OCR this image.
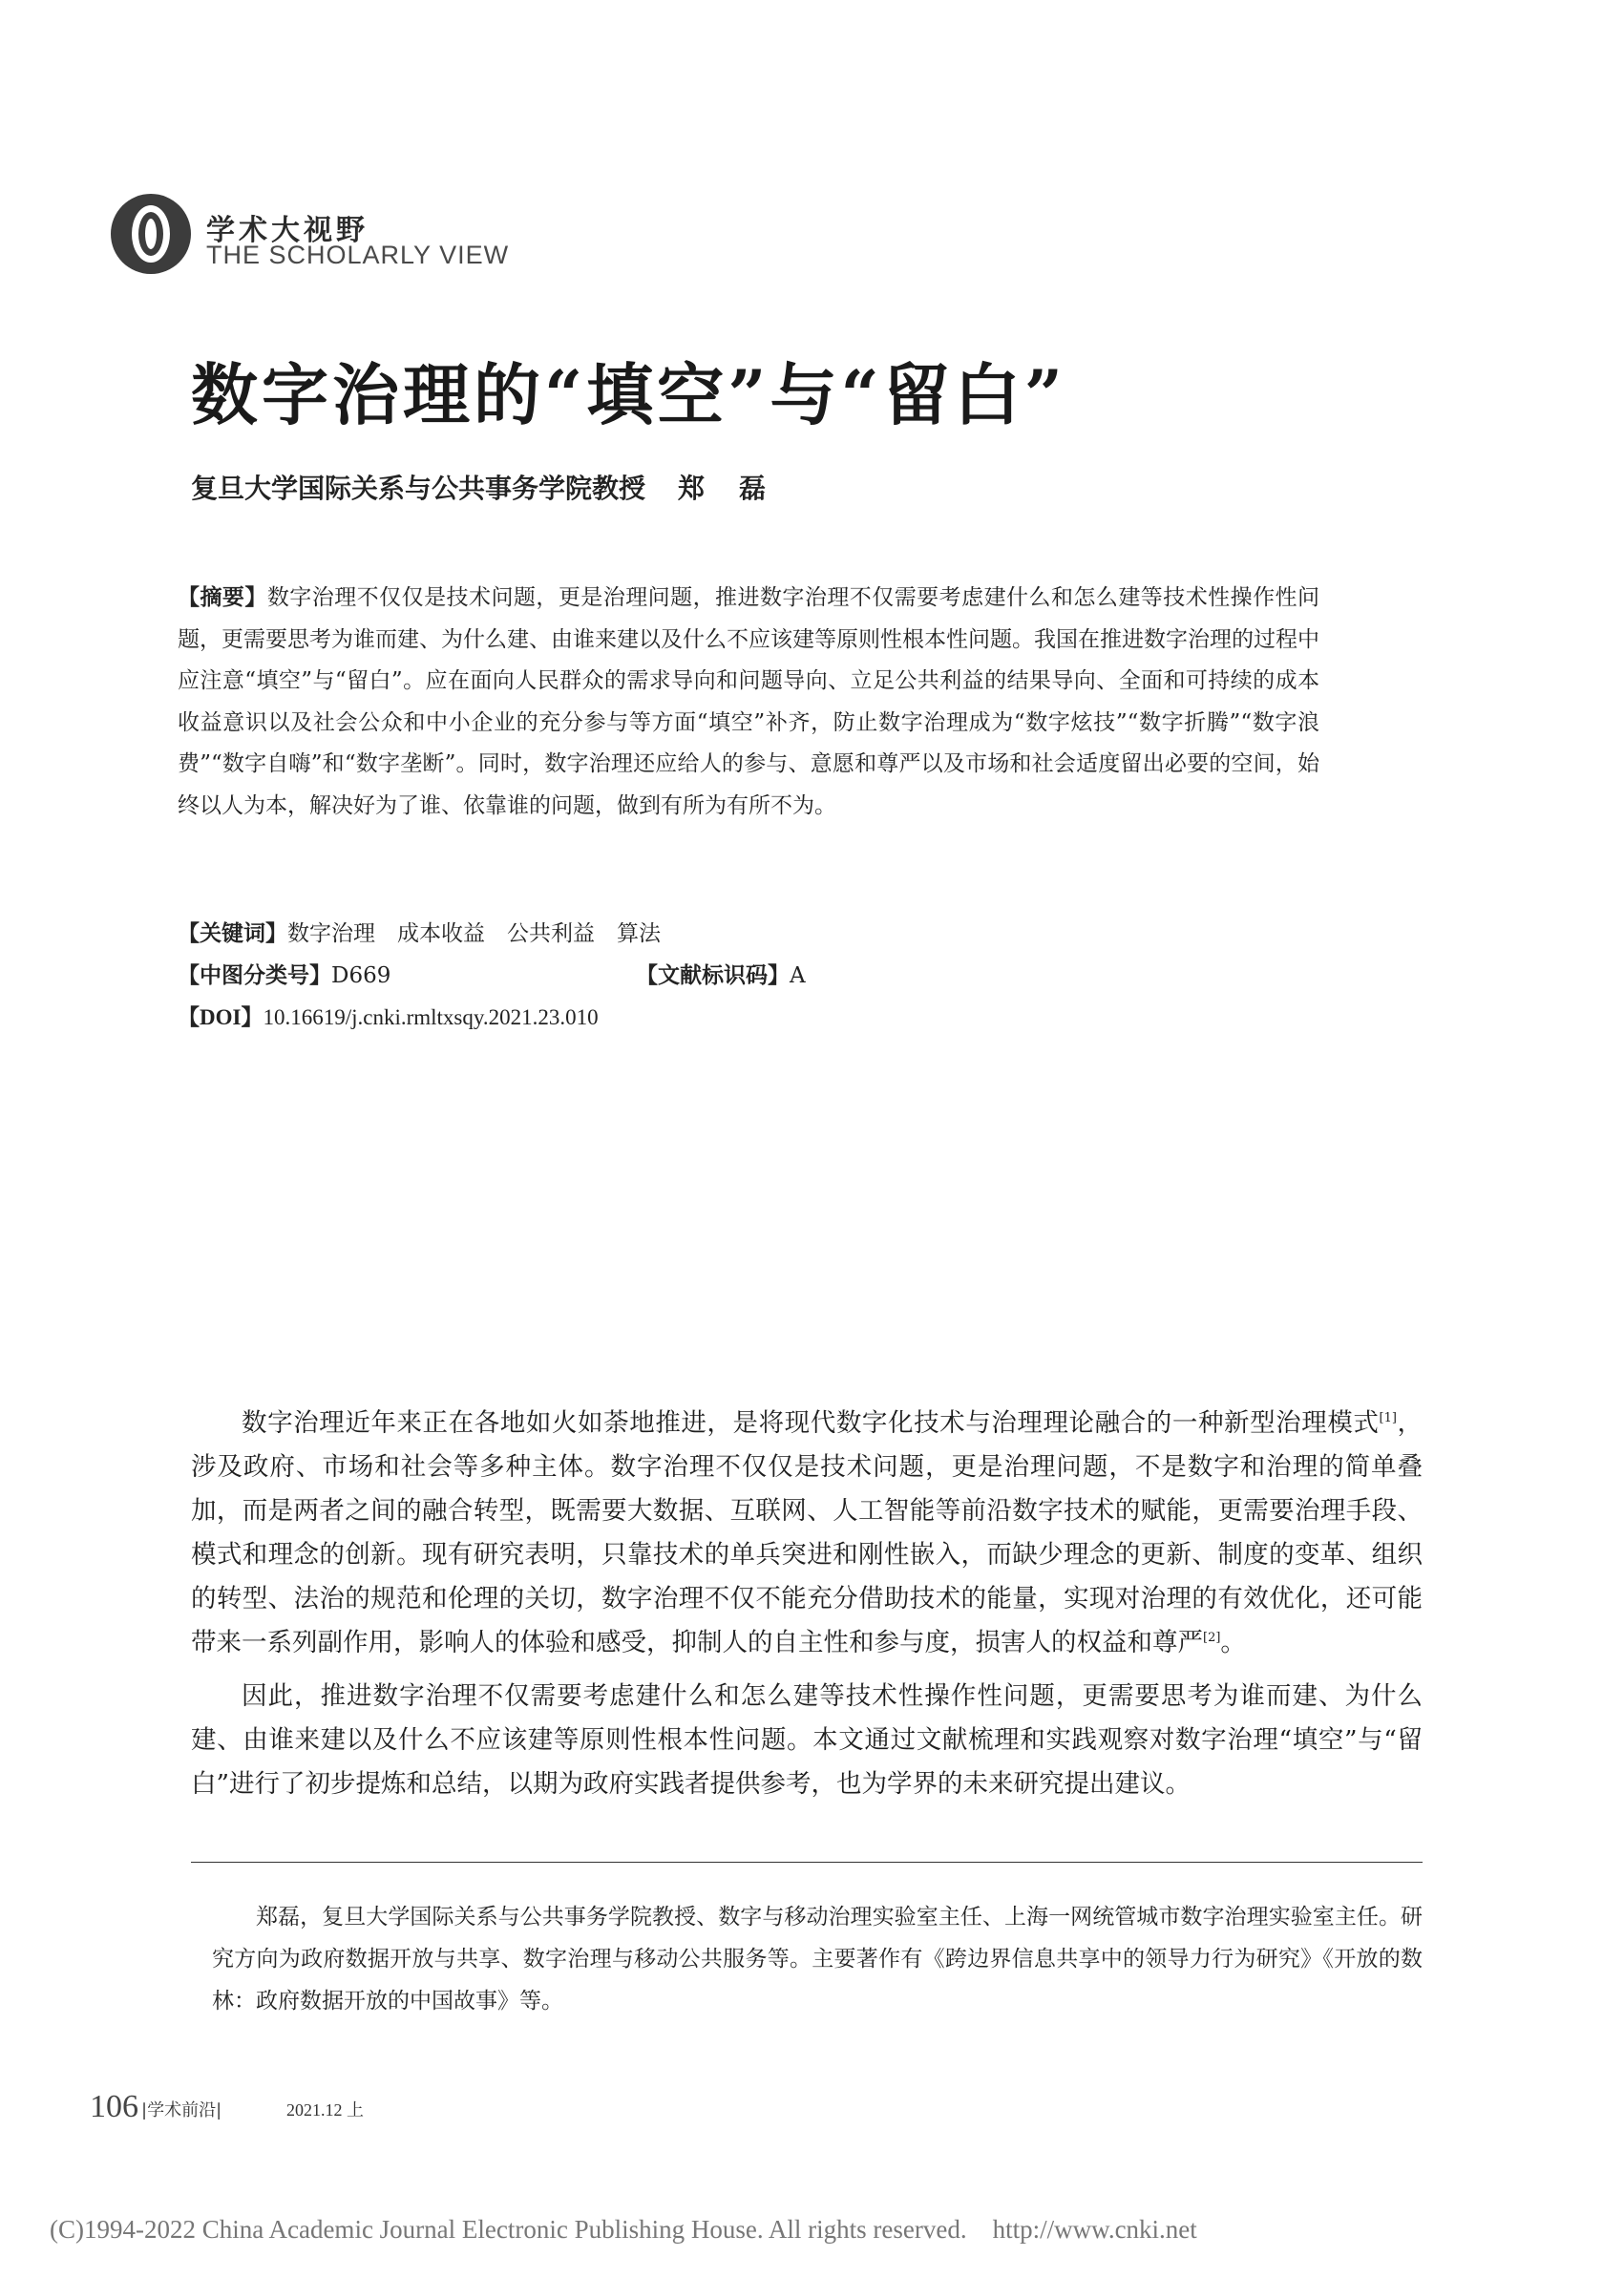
学术大视野
THE SCHOLARLY VIEW
数字治理的“填空”与“留白”
复旦大学国际关系与公共事务学院教授 郑磊
【摘要】数字治理不仅仅是技术问题，更是治理问题，推进数字治理不仅需要考虑建什么和怎么建等技术性操作性问题，更需要思考为谁而建、为什么建、由谁来建以及什么不应该建等原则性根本性问题。我国在推进数字治理的过程中应注意“填空”与“留白”。应在面向人民群众的需求导向和问题导向、立足公共利益的结果导向、全面和可持续的成本收益意识以及社会公众和中小企业的充分参与等方面“填空”补齐，防止数字治理成为“数字炫技”“数字折腾”“数字浪费”“数字自嗨”和“数字垄断”。同时，数字治理还应给人的参与、意愿和尊严以及市场和社会适度留出必要的空间，始终以人为本，解决好为了谁、依靠谁的问题，做到有所为有所不为。
【关键词】数字治理　成本收益　公共利益　算法
【中图分类号】D669	【文献标识码】A
【DOI】10.16619/j.cnki.rmltxsqy.2021.23.010

数字治理近年来正在各地如火如荼地推进，是将现代数字化技术与治理理论融合的一种新型治理模式[1]，涉及政府、市场和社会等多种主体。数字治理不仅仅是技术问题，更是治理问题，不是数字和治理的简单叠加，而是两者之间的融合转型，既需要大数据、互联网、人工智能等前沿数字技术的赋能，更需要治理手段、模式和理念的创新。现有研究表明，只靠技术的单兵突进和刚性嵌入，而缺少理念的更新、制度的变革、组织的转型、法治的规范和伦理的关切，数字治理不仅不能充分借助技术的能量，实现对治理的有效优化，还可能带来一系列副作用，影响人的体验和感受，抑制人的自主性和参与度，损害人的权益和尊严[2]。

因此，推进数字治理不仅需要考虑建什么和怎么建等技术性操作性问题，更需要思考为谁而建、为什么建、由谁来建以及什么不应该建等原则性根本性问题。本文通过文献梳理和实践观察对数字治理“填空”与“留白”进行了初步提炼和总结，以期为政府实践者提供参考，也为学界的未来研究提出建议。

郑磊，复旦大学国际关系与公共事务学院教授、数字与移动治理实验室主任、上海一网统管城市数字治理实验室主任。研究方向为政府数据开放与共享、数字治理与移动公共服务等。主要著作有《跨边界信息共享中的领导力行为研究》《开放的数林：政府数据开放的中国故事》等。

106 |学术前沿|	2021.12 上
(C)1994-2022 China Academic Journal Electronic Publishing House. All rights reserved.    http://www.cnki.net
